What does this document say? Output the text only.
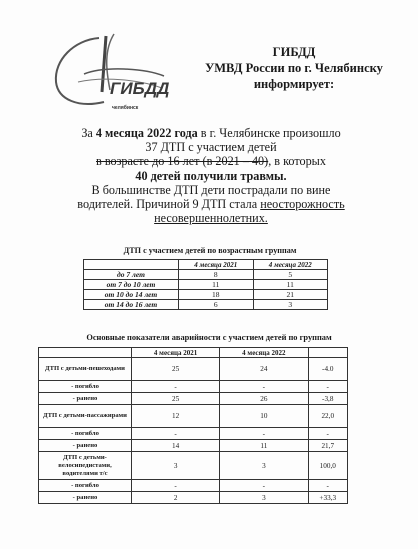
ГИБДД
челябинск
ГИБДД
УМВД России по г. Челябинску
информирует:
За 4 месяца 2022 года в г. Челябинске произошло
37 ДТП с участием детей
в возрасте до 16 лет (в 2021 – 40), в которых
40 детей получили травмы.
В большинстве ДТП дети пострадали по вине
водителей. Причиной 9 ДТП стала неосторожность
несовершеннолетних.
ДТП с участием детей по возрастным группам
	4 месяца 2021	4 месяца 2022
до 7 лет	8	5
от 7 до 10 лет	11	11
от 10 до 14 лет	18	21
от 14 до 16 лет	6	3
Основные показатели аварийности с участием детей по группам
	4 месяца 2021	4 месяца 2022	
ДТП с детьми-пешеходами	25	24	-4.0
- погибло	-	-	-
- ранено	25	26	-3,8
ДТП с детьми-пассажирами	12	10	22,0
- погибло	-	-	-
- ранено	14	11	21,7
ДТП с детьми-велосипедистами, водителями т/с	3	3	100,0
- погибло	-	-	-
- ранено	2	3	+33,3
